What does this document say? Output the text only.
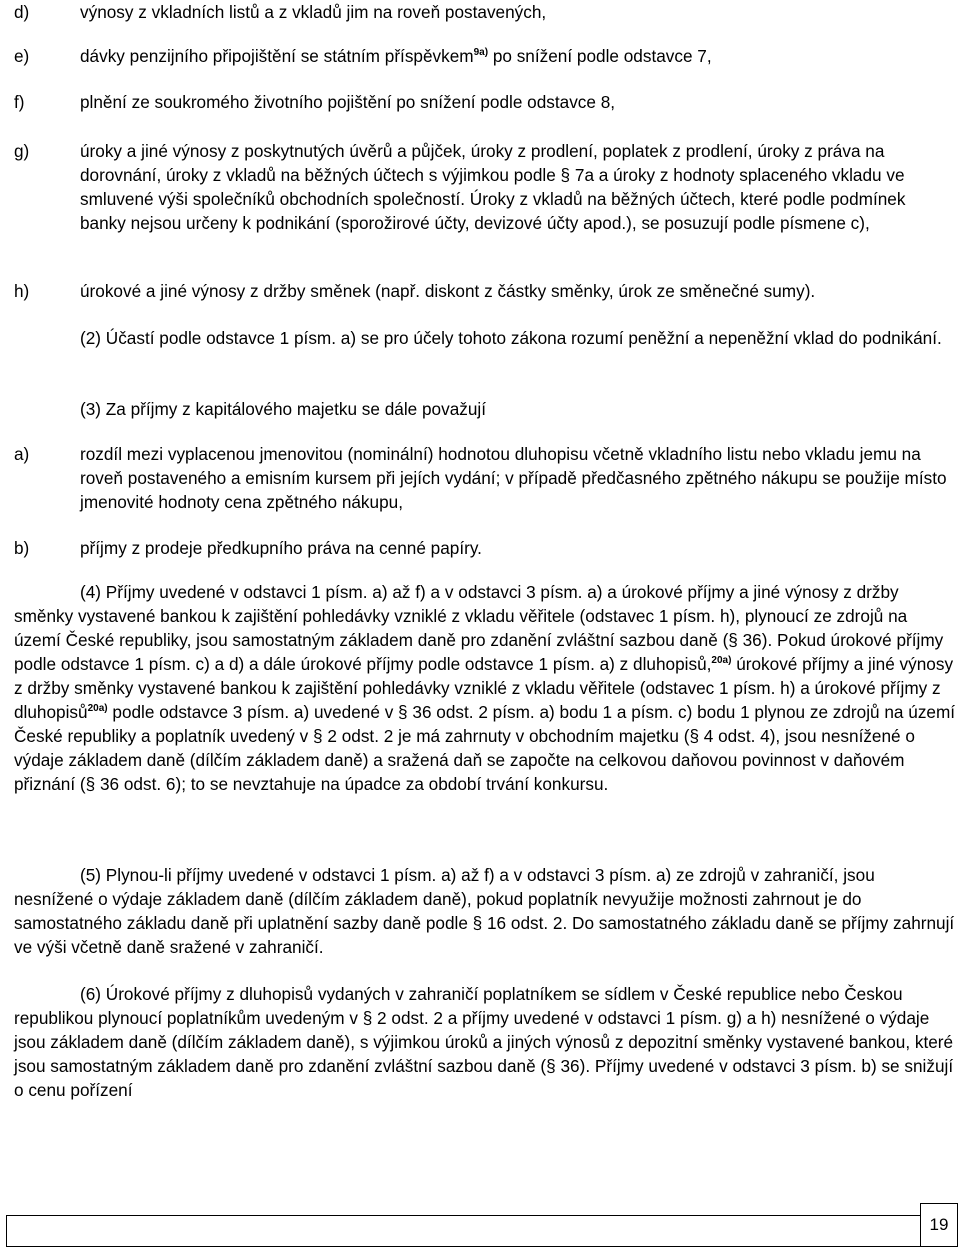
d)	výnosy z vkladních listů a z vkladů jim na roveň postavených,
e)	dávky penzijního připojištění se státním příspěvkem$^{9a)}$ po snížení podle odstavce 7,
f)	plnění ze soukromého životního pojištění po snížení podle odstavce 8,
g)	úroky a jiné výnosy z poskytnutých úvěrů a půjček, úroky z prodlení, poplatek z prodlení, úroky z práva na dorovnání, úroky z vkladů na běžných účtech s výjimkou podle § 7a a úroky z hodnoty splaceného vkladu ve smluvené výši společníků obchodních společností. Úroky z vkladů na běžných účtech, které podle podmínek banky nejsou určeny k podnikání (sporožirové účty, devizové účty apod.), se posuzují podle písmene c),
h)	úrokové a jiné výnosy z držby směnek (např. diskont z částky směnky, úrok ze směnečné sumy).
(2) Účastí podle odstavce 1 písm. a) se pro účely tohoto zákona rozumí peněžní a nepeněžní vklad do podnikání.
(3) Za příjmy z kapitálového majetku se dále považují
a)	rozdíl mezi vyplacenou jmenovitou (nominální) hodnotou dluhopisu včetně vkladního listu nebo vkladu jemu na roveň postaveného a emisním kursem při jejích vydání; v případě předčasného zpětného nákupu se použije místo jmenovité hodnoty cena zpětného nákupu,
b)	příjmy z prodeje předkupního práva na cenné papíry.
(4) Příjmy uvedené v odstavci 1 písm. a) až f) a v odstavci 3 písm. a) a úrokové příjmy a jiné výnosy z držby směnky vystavené bankou k zajištění pohledávky vzniklé z vkladu věřitele (odstavec 1 písm. h), plynoucí ze zdrojů na území České republiky, jsou samostatným základem daně pro zdanění zvláštní sazbou daně (§ 36). Pokud úrokové příjmy podle odstavce 1 písm. c) a d) a dále úrokové příjmy podle odstavce 1 písm. a) z dluhopisů,$^{20a)}$ úrokové příjmy a jiné výnosy z držby směnky vystavené bankou k zajištění pohledávky vzniklé z vkladu věřitele (odstavec 1 písm. h) a úrokové příjmy z dluhopisů$^{20a)}$ podle odstavce 3 písm. a) uvedené v § 36 odst. 2 písm. a) bodu 1 a písm. c) bodu 1 plynou ze zdrojů na území České republiky a poplatník uvedený v § 2 odst. 2 je má zahrnuty v obchodním majetku (§ 4 odst. 4), jsou nesnížené o výdaje základem daně (dílčím základem daně) a sražená daň se započte na celkovou daňovou povinnost v daňovém přiznání (§ 36 odst. 6); to se nevztahuje na úpadce za období trvání konkursu.
(5) Plynou-li příjmy uvedené v odstavci 1 písm. a) až f) a v odstavci 3 písm. a) ze zdrojů v zahraničí, jsou nesnížené o výdaje základem daně (dílčím základem daně), pokud poplatník nevyužije možnosti zahrnout je do samostatného základu daně při uplatnění sazby daně podle § 16 odst. 2. Do samostatného základu daně se příjmy zahrnují ve výši včetně daně sražené v zahraničí.
(6) Úrokové příjmy z dluhopisů vydaných v zahraničí poplatníkem se sídlem v České republice nebo Českou republikou plynoucí poplatníkům uvedeným v § 2 odst. 2 a příjmy uvedené v odstavci 1 písm. g) a h) nesnížené o výdaje jsou základem daně (dílčím základem daně), s výjimkou úroků a jiných výnosů z depozitní směnky vystavené bankou, které jsou samostatným základem daně pro zdanění zvláštní sazbou daně (§ 36). Příjmy uvedené v odstavci 3 písm. b) se snižují o cenu pořízení
19
